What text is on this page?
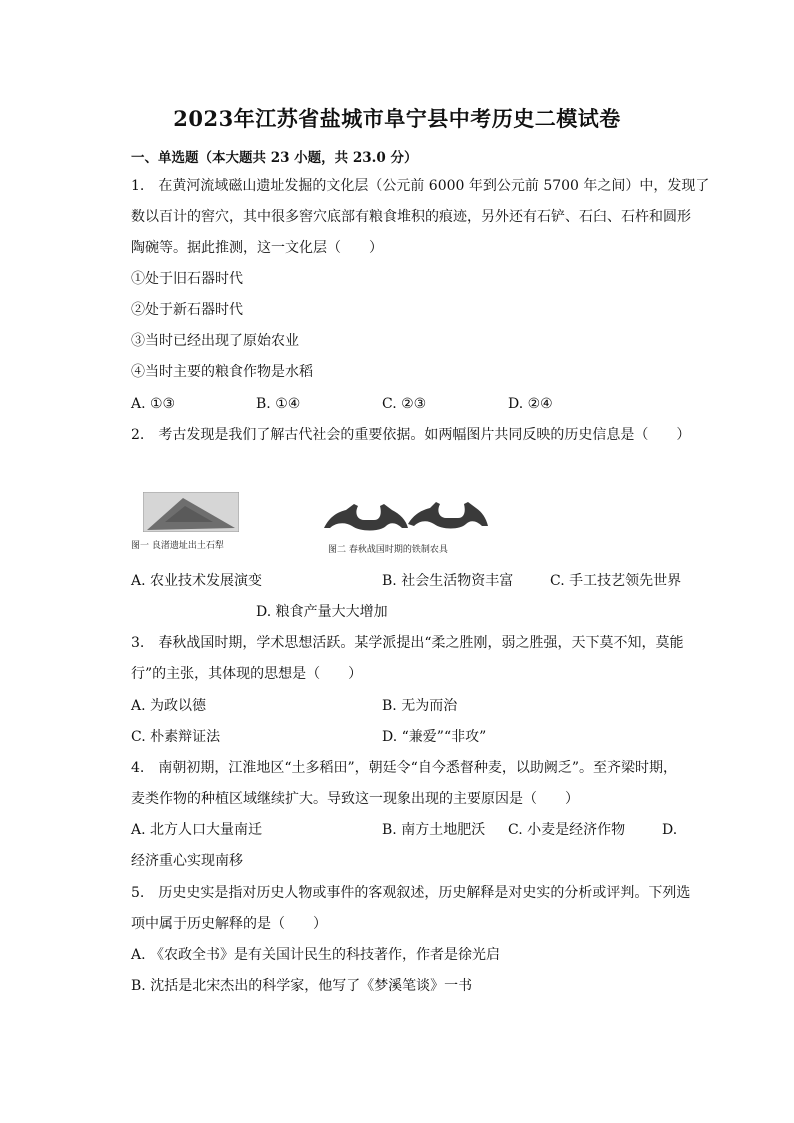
2023年江苏省盐城市阜宁县中考历史二模试卷
一、单选题（本大题共 23 小题，共 23.0 分）
1.　在黄河流域磁山遗址发掘的文化层（公元前 6000 年到公元前 5700 年之间）中，发现了
数以百计的窖穴，其中很多窖穴底部有粮食堆积的痕迹，另外还有石铲、石臼、石杵和圆形
陶碗等。据此推测，这一文化层（　　）
①处于旧石器时代
②处于新石器时代
③当时已经出现了原始农业
④当时主要的粮食作物是水稻
A. ①③	B. ①④	C. ②③	D. ②④
2.　考古发现是我们了解古代社会的重要依据。如两幅图片共同反映的历史信息是（　　）
图一 良渚遗址出土石犁	图二 春秋战国时期的铁制农具
A. 农业技术发展演变	B. 社会生活物资丰富	C. 手工技艺领先世界
D. 粮食产量大大增加
3.　春秋战国时期，学术思想活跃。某学派提出“柔之胜刚，弱之胜强，天下莫不知，莫能
行”的主张，其体现的思想是（　　）
A. 为政以德	B. 无为而治
C. 朴素辩证法	D. “兼爱”“非攻”
4.　南朝初期，江淮地区“土多稻田”，朝廷令“自今悉督种麦，以助阙乏”。至齐梁时期，
麦类作物的种植区域继续扩大。导致这一现象出现的主要原因是（　　）
A. 北方人口大量南迁	B. 南方土地肥沃 C. 小麦是经济作物	D.
经济重心实现南移
5.　历史史实是指对历史人物或事件的客观叙述，历史解释是对史实的分析或评判。下列选
项中属于历史解释的是（　　）
A. 《农政全书》是有关国计民生的科技著作，作者是徐光启
B. 沈括是北宋杰出的科学家，他写了《梦溪笔谈》一书
